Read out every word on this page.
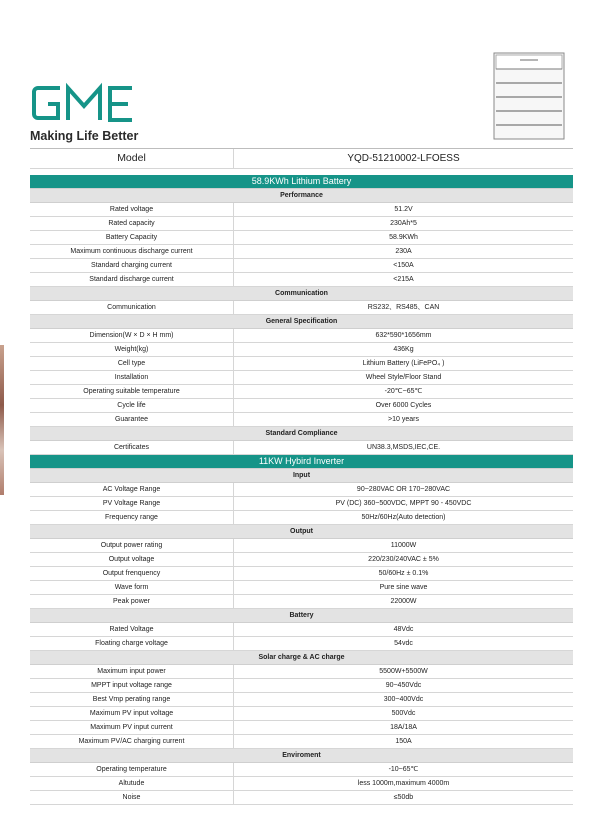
Making Life Better
Model	YQD-51210002-LFOESS
58.9KWh Lithium Battery
Performance
Rated voltage	51.2V
Rated capacity	230Ah*5
Battery Capacity	58.9KWh
Maximum continuous discharge current	230A
Standard charging current	<150A
Standard discharge current	<215A
Communication
Communication	RS232、RS485、CAN
General Specification
Dimension(W × D × H mm)	632*590*1656mm
Weight(kg)	436Kg
Cell type	Lithium Battery (LiFePO₄ )
Installation	Wheel Style/Floor Stand
Operating suitable temperature	-20℃~65℃
Cycle life	Over 6000 Cycles
Guarantee	>10 years
Standard Compliance
Certificates	UN38.3,MSDS,IEC,CE.
11KW Hybird Inverter
Input
AC Voltage Range	90~280VAC OR 170~280VAC
PV Voltage Range	PV (DC) 360~500VDC, MPPT 90 - 450VDC
Frequency range	50Hz/60Hz(Auto detection)
Output
Output power rating	11000W
Output voltage	220/230/240VAC ± 5%
Output frenquency	50/60Hz ± 0.1%
Wave form	Pure sine wave
Peak power	22000W
Battery
Rated Voltage	48Vdc
Floating charge voltage	54vdc
Solar charge & AC charge
Maximum input power	5500W+5500W
MPPT input voltage range	90~450Vdc
Best Vmp perating range	300~400Vdc
Maximum PV input voltage	500Vdc
Maximum PV input current	18A/18A
Maximum PV/AC charging current	150A
Enviroment
Operating temperature	-10~65℃
Altutude	less 1000m,maximum 4000m
Noise	≤50db
